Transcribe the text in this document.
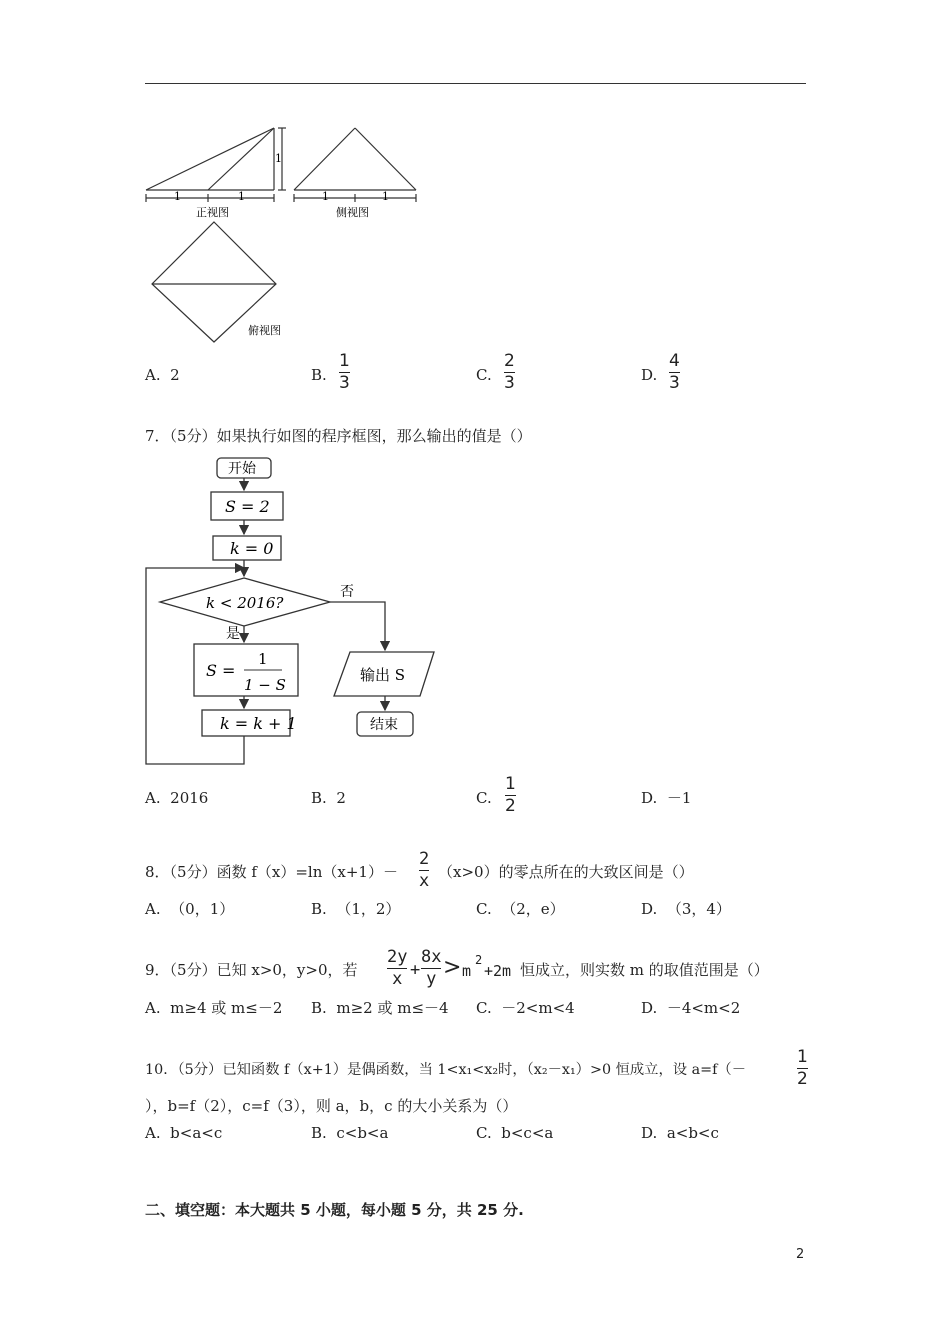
1	1
1
正视图
1	1
侧视图
俯视图
A. 2	B.
1
3	C.
2
3	D.
4
3
7．（5分）如果执行如图的程序框图，那么输出的值是（）
开始
S = 2
k = 0
k < 2016?
否
是
S =
1
1 − S
k = k + 1
输出 S
结束
A. 2016	B. 2	C.
1
2	D. －1
8．（5分）函数 f（x）=ln（x+1）－
2
x （x>0）的零点所在的大致区间是（）
A. （0，1）	B. （1，2）	C. （2，e）	D. （3，4）
9．（5分）已知 x>0，y>0，若
2y
x +
8x
y > m
2
+2m 恒成立，则实数 m 的取值范围是（）
A. m≥4 或 m≤－2 B. m≥2 或 m≤－4 C. －2<m<4	D. －4<m<2
10．（5分）已知函数 f（x+1）是偶函数，当 1<x₁<x₂时，（x₂－x₁）>0 恒成立，设 a=f（－
1
2
），b=f（2），c=f（3），则 a，b，c 的大小关系为（）
A. b<a<c	B. c<b<a	C. b<c<a	D. a<b<c
二、填空题：本大题共 5 小题，每小题 5 分，共 25 分.
2
